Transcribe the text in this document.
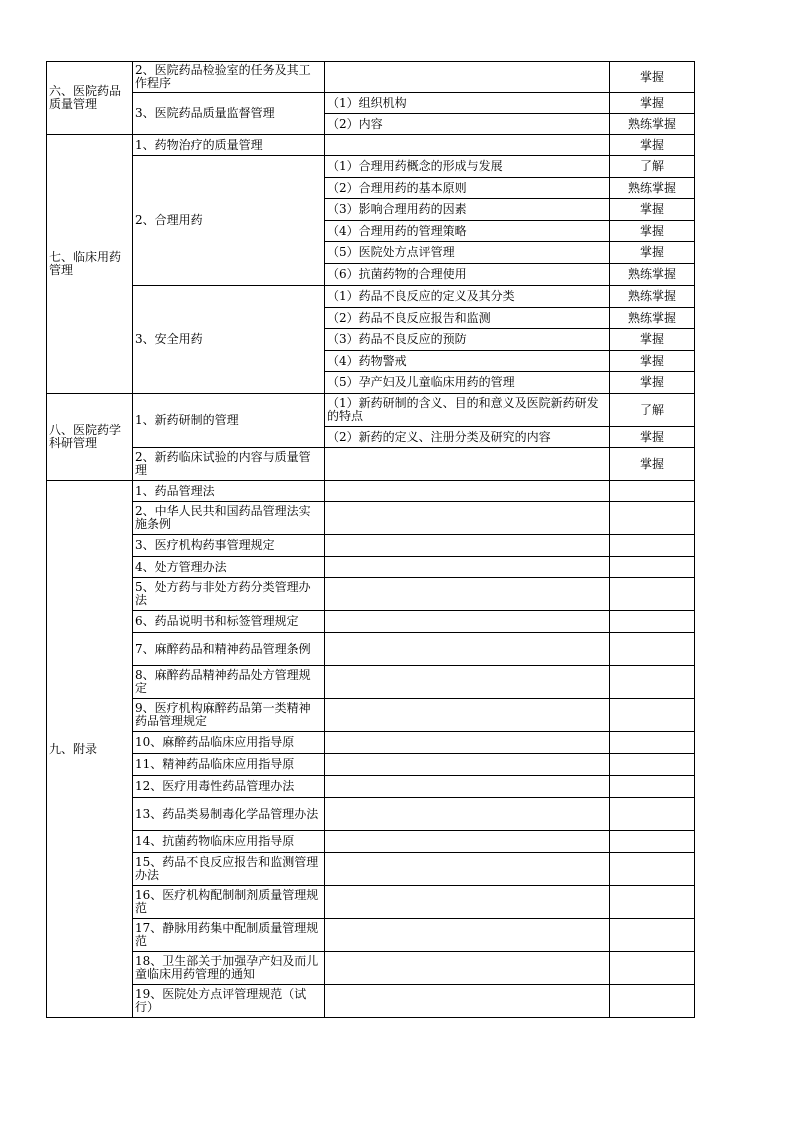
六、医院药品质量管理	2、医院药品检验室的任务及其工作程序		掌握
	3、医院药品质量监督管理	（1）组织机构	掌握
		（2）内容	熟练掌握
七、临床用药管理	1、药物治疗的质量管理		掌握
	2、合理用药	（1）合理用药概念的形成与发展	了解
		（2）合理用药的基本原则	熟练掌握
		（3）影响合理用药的因素	掌握
		（4）合理用药的管理策略	掌握
		（5）医院处方点评管理	掌握
		（6）抗菌药物的合理使用	熟练掌握
	3、安全用药	（1）药品不良反应的定义及其分类	熟练掌握
		（2）药品不良反应报告和监测	熟练掌握
		（3）药品不良反应的预防	掌握
		（4）药物警戒	掌握
		（5）孕产妇及儿童临床用药的管理	掌握
八、医院药学科研管理	1、新药研制的管理	（1）新药研制的含义、目的和意义及医院新药研发的特点	了解
		（2）新药的定义、注册分类及研究的内容	掌握
	2、新药临床试验的内容与质量管理		掌握
九、附录	1、药品管理法		
	2、中华人民共和国药品管理法实施条例		
	3、医疗机构药事管理规定		
	4、处方管理办法		
	5、处方药与非处方药分类管理办法		
	6、药品说明书和标签管理规定		
	7、麻醉药品和精神药品管理条例		
	8、麻醉药品精神药品处方管理规定		
	9、医疗机构麻醉药品第一类精神药品管理规定		
	10、麻醉药品临床应用指导原		
	11、精神药品临床应用指导原		
	12、医疗用毒性药品管理办法		
	13、药品类易制毒化学品管理办法		
	14、抗菌药物临床应用指导原		
	15、药品不良反应报告和监测管理办法		
	16、医疗机构配制制剂质量管理规范		
	17、静脉用药集中配制质量管理规范		
	18、卫生部关于加强孕产妇及而儿童临床用药管理的通知		
	19、医院处方点评管理规范（试行）		
